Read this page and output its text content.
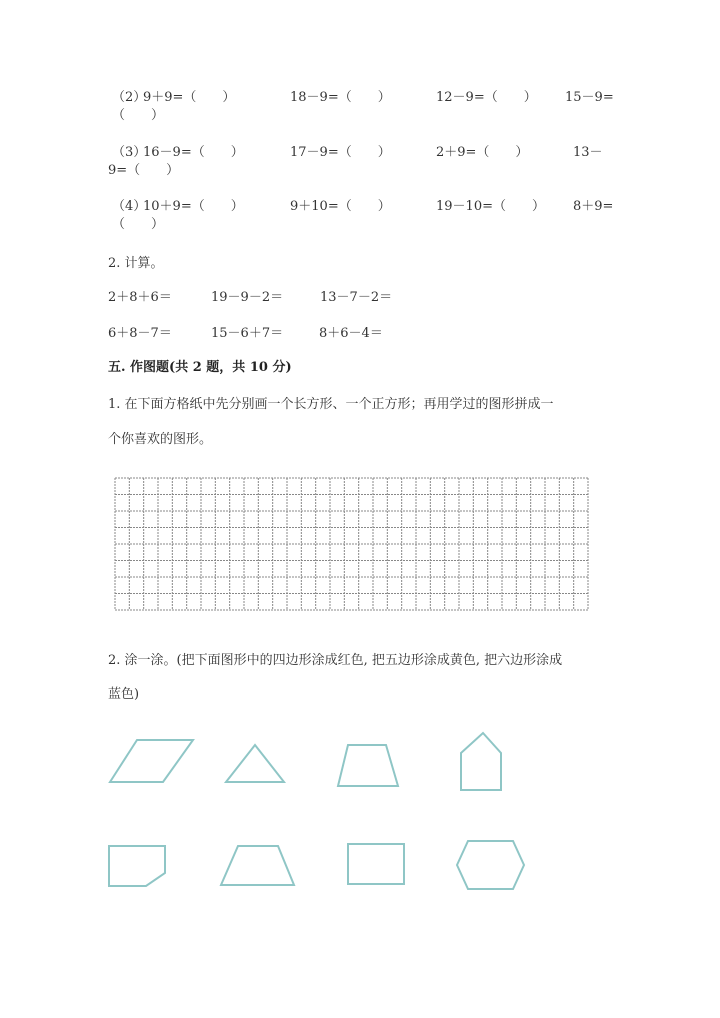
（2）
9＋9=（　　）	18－9=（　　）	12－9=（　　） 15－9=
（　　）
（3）
16－9=（　　）	17－9=（　　）	2＋9=（　　）	13－
9=（　　）
（4）
10＋9=（　　）	9＋10=（　　）	19－10=（　　） 8＋9=
（　　）
2. 计算。
2＋8＋6＝	19－9－2＝	13－7－2＝
6＋8－7＝	15－6＋7＝	8＋6－4＝
五. 作图题(共 2 题，共 10 分)
1. 在下面方格纸中先分别画一个长方形、一个正方形；再用学过的图形拼成一
个你喜欢的图形。
2. 涂一涂。(把下面图形中的四边形涂成红色, 把五边形涂成黄色, 把六边形涂成
蓝色)
